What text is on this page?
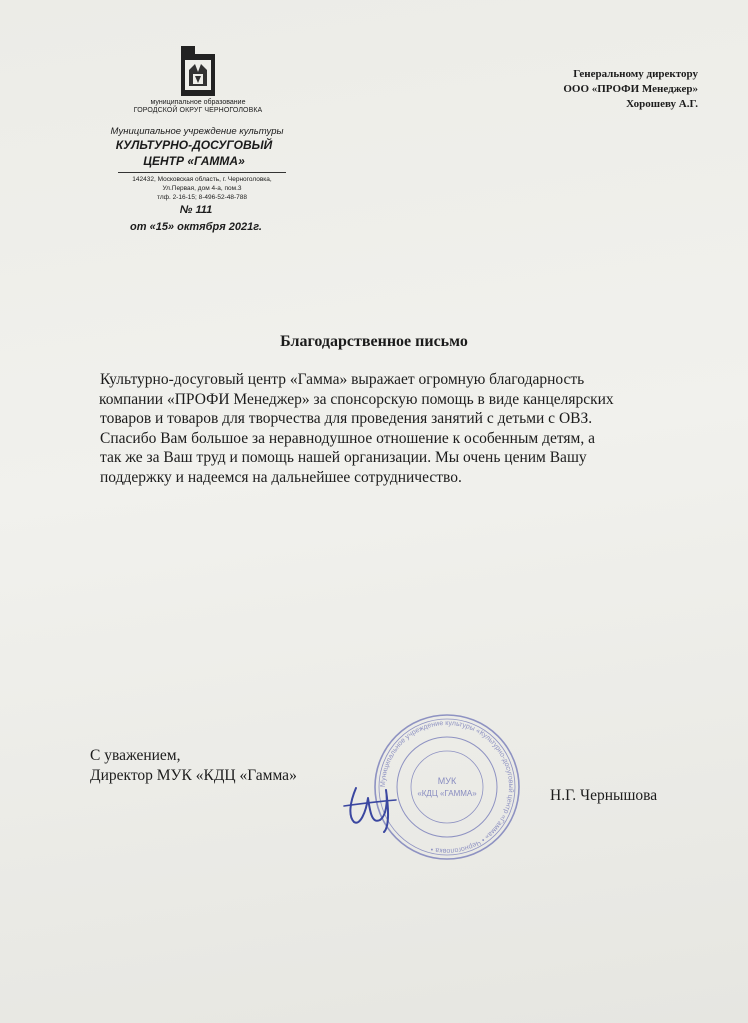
муниципальное образование
ГОРОДСКОЙ ОКРУГ ЧЕРНОГОЛОВКА
Муниципальное учреждение культуры
КУЛЬТУРНО-ДОСУГОВЫЙ
ЦЕНТР «ГАММА»
142432, Московская область, г. Черноголовка,
Ул.Первая, дом 4-а, пом.3
тлф. 2-16-15; 8-496-52-48-788
№ 111
от «15» октября 2021г.
Генеральному директору
ООО «ПРОФИ Менеджер»
Хорошеву А.Г.
Благодарственное письмо
Культурно-досуговый центр «Гамма» выражает огромную благодарность
компании «ПРОФИ Менеджер» за спонсорскую помощь в виде канцелярских
товаров и товаров для творчества для проведения занятий с детьми с ОВЗ.
Спасибо Вам большое за неравнодушное отношение к особенным детям, а
так же за Ваш труд и помощь нашей организации. Мы очень ценим Вашу
поддержку и надеемся на дальнейшее сотрудничество.
Муниципальное учреждение культуры «Культурно-досуговый центр «Гамма» • Черноголовка •
МУК
«КДЦ «ГАММА»
С уважением,
Директор МУК «КДЦ «Гамма»
Н.Г. Чернышова
